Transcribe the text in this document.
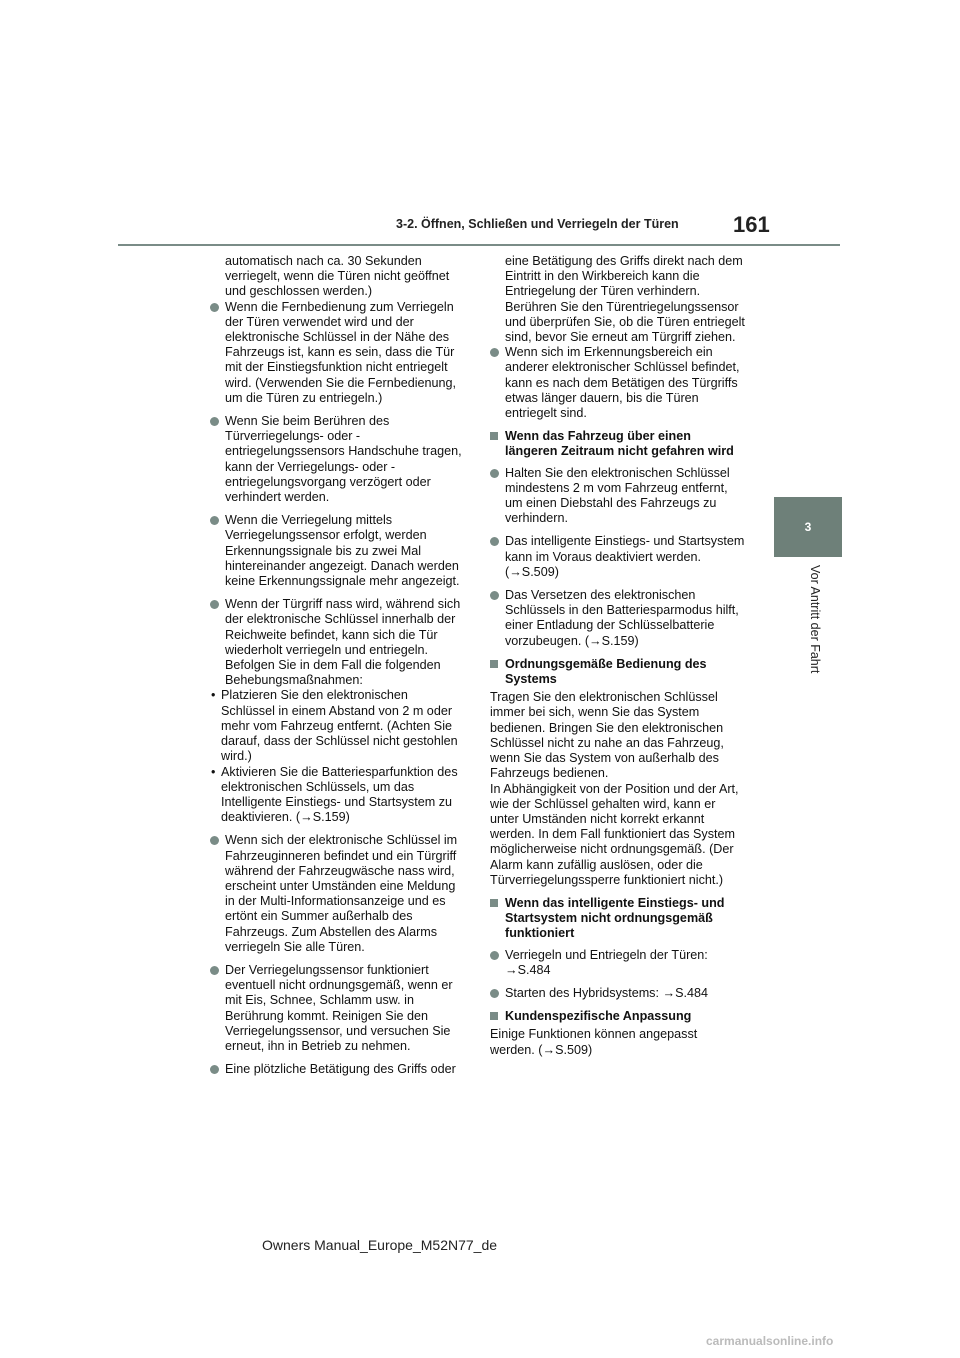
3-2. Öffnen, Schließen und Verriegeln der Türen 161
3
Vor Antritt der Fahrt

automatisch nach ca. 30 Sekunden verriegelt, wenn die Türen nicht geöffnet und geschlossen werden.)

Wenn die Fernbedienung zum Verriegeln der Türen verwendet wird und der elektronische Schlüssel in der Nähe des Fahrzeugs ist, kann es sein, dass die Tür mit der Einstiegsfunktion nicht entriegelt wird. (Verwenden Sie die Fernbedienung, um die Türen zu entriegeln.)

Wenn Sie beim Berühren des Türverriegelungs- oder -entriegelungssensors Handschuhe tragen, kann der Verriegelungs- oder -entriegelungsvorgang verzögert oder verhindert werden.

Wenn die Verriegelung mittels Verriegelungssensor erfolgt, werden Erkennungssignale bis zu zwei Mal hintereinander angezeigt. Danach werden keine Erkennungssignale mehr angezeigt.

Wenn der Türgriff nass wird, während sich der elektronische Schlüssel innerhalb der Reichweite befindet, kann sich die Tür wiederholt verriegeln und entriegeln. Befolgen Sie in dem Fall die folgenden Behebungsmaßnahmen:

• Platzieren Sie den elektronischen Schlüssel in einem Abstand von 2 m oder mehr vom Fahrzeug entfernt. (Achten Sie darauf, dass der Schlüssel nicht gestohlen wird.)

• Aktivieren Sie die Batteriesparfunktion des elektronischen Schlüssels, um das Intelligente Einstiegs- und Startsystem zu deaktivieren. (→S.159)

Wenn sich der elektronische Schlüssel im Fahrzeuginneren befindet und ein Türgriff während der Fahrzeugwäsche nass wird, erscheint unter Umständen eine Meldung in der Multi-Informationsanzeige und es ertönt ein Summer außerhalb des Fahrzeugs. Zum Abstellen des Alarms verriegeln Sie alle Türen.

Der Verriegelungssensor funktioniert eventuell nicht ordnungsgemäß, wenn er mit Eis, Schnee, Schlamm usw. in Berührung kommt. Reinigen Sie den Verriegelungssensor, und versuchen Sie erneut, ihn in Betrieb zu nehmen.

Eine plötzliche Betätigung des Griffs oder

eine Betätigung des Griffs direkt nach dem Eintritt in den Wirkbereich kann die Entriegelung der Türen verhindern. Berühren Sie den Türentriegelungssensor und überprüfen Sie, ob die Türen entriegelt sind, bevor Sie erneut am Türgriff ziehen.

Wenn sich im Erkennungsbereich ein anderer elektronischer Schlüssel befindet, kann es nach dem Betätigen des Türgriffs etwas länger dauern, bis die Türen entriegelt sind.

Wenn das Fahrzeug über einen längeren Zeitraum nicht gefahren wird

Halten Sie den elektronischen Schlüssel mindestens 2 m vom Fahrzeug entfernt, um einen Diebstahl des Fahrzeugs zu verhindern.

Das intelligente Einstiegs- und Startsystem kann im Voraus deaktiviert werden. (→S.509)

Das Versetzen des elektronischen Schlüssels in den Batteriesparmodus hilft, einer Entladung der Schlüsselbatterie vorzubeugen. (→S.159)

Ordnungsgemäße Bedienung des Systems

Tragen Sie den elektronischen Schlüssel immer bei sich, wenn Sie das System bedienen. Bringen Sie den elektronischen Schlüssel nicht zu nahe an das Fahrzeug, wenn Sie das System von außerhalb des Fahrzeugs bedienen.

In Abhängigkeit von der Position und der Art, wie der Schlüssel gehalten wird, kann er unter Umständen nicht korrekt erkannt werden. In dem Fall funktioniert das System möglicherweise nicht ordnungsgemäß. (Der Alarm kann zufällig auslösen, oder die Türverriegelungssperre funktioniert nicht.)

Wenn das intelligente Einstiegs- und Startsystem nicht ordnungsgemäß funktioniert

Verriegeln und Entriegeln der Türen:

→S.484

Starten des Hybridsystems: →S.484

Kundenspezifische Anpassung

Einige Funktionen können angepasst werden. (→S.509)

Owners Manual_Europe_M52N77_de
carmanualsonline.info
